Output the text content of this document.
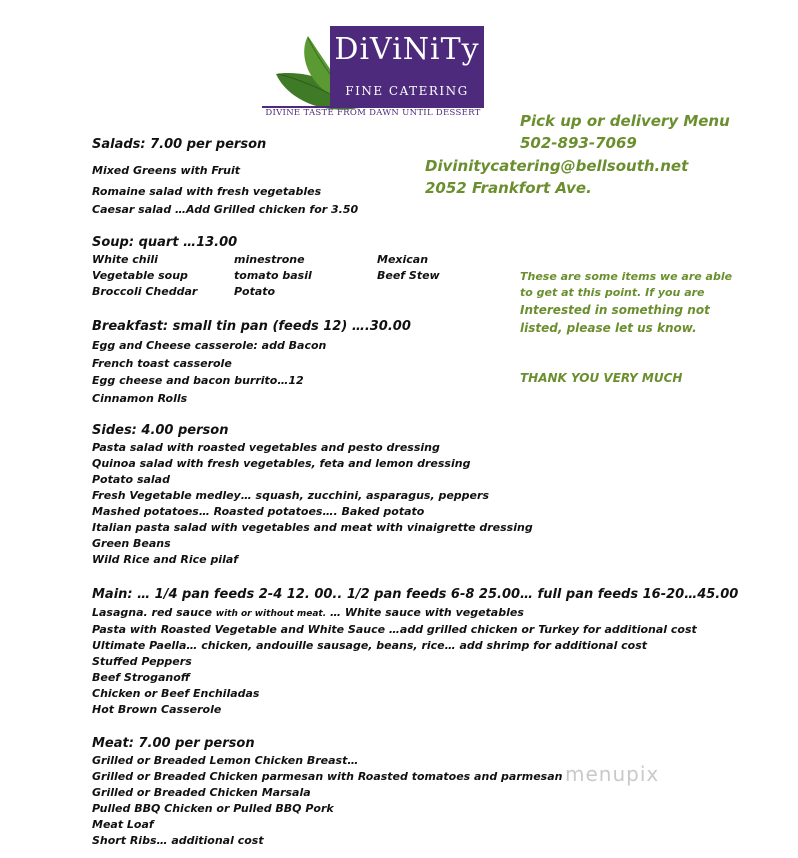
DiViNiTy
FINE CATERING
DIVINE TASTE FROM DAWN UNTIL DESSERT	Pick up or delivery Menu
502-893-7069
Divinitycatering@bellsouth.net
2052 Frankfort Ave.
These are some items we are able
to get at this point. If you are
Interested in something not
listed, please let us know.
THANK YOU VERY MUCH
Salads: 7.00 per person
Mixed Greens with Fruit
Romaine salad with fresh vegetables
Caesar salad …Add Grilled chicken for 3.50
Soup: quart …13.00
White chili
Vegetable soup
Broccoli Cheddar
minestrone
tomato basil
Potato
Mexican
Beef Stew
Breakfast: small tin pan (feeds 12) ….30.00
Egg and Cheese casserole: add Bacon
French toast casserole
Egg cheese and bacon burrito…12
Cinnamon Rolls
Sides: 4.00 person
Pasta salad with roasted vegetables and pesto dressing
Quinoa salad with fresh vegetables, feta and lemon dressing
Potato salad
Fresh Vegetable medley… squash, zucchini, asparagus, peppers
Mashed potatoes… Roasted potatoes…. Baked potato
Italian pasta salad with vegetables and meat with vinaigrette dressing
Green Beans
Wild Rice and Rice pilaf
Main: … 1/4 pan feeds 2-4 12. 00.. 1/2 pan feeds 6-8 25.00… full pan feeds 16-20…45.00
Lasagna. red sauce with or without meat. … White sauce with vegetables
Pasta with Roasted Vegetable and White Sauce …add grilled chicken or Turkey for additional cost
Ultimate Paella… chicken, andouille sausage, beans, rice… add shrimp for additional cost
Stuffed Peppers
Beef Stroganoff
Chicken or Beef Enchiladas
Hot Brown Casserole
Meat: 7.00 per person
Grilled or Breaded Lemon Chicken Breast…
Grilled or Breaded Chicken parmesan with Roasted tomatoes and parmesan
Grilled or Breaded Chicken Marsala
Pulled BBQ Chicken or Pulled BBQ Pork
Meat Loaf
Short Ribs… additional cost
menupix
